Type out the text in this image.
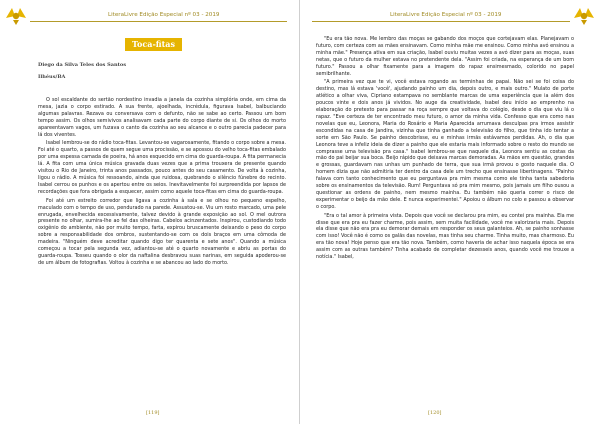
LiteraLivre Edição Especial nº 03 - 2019
Toca-fitas
Diego da Silva Teles dos Santos
Ilhéus/BA

O sol escaldante do sertão nordestino invadia a janela da cozinha simplória onde, em cima da mesa, jazia o corpo estirado. A sua frente, ajoelhada, incrédula, figurava Isabel, balbuciando algumas palavras. Rezava ou conversava com o defunto, não se sabe ao certo. Passou um bom tempo assim. Os olhos semivivos analisavam cada parte do corpo diante de si. Os olhos do morto apareentavam vagos, um fuzava o canto da cozinha ao seu alcance e o outro parecia padecer para lá dos viventes.

Isabel lembrou-se do rádio toca-fitas. Levantou-se vagarosamente, fitando o corpo sobre a mesa. Foi até o quarto, a passos de quem segue uma procissão, e se apossou do velho toca-fitas embalado por uma espessa camada de poeira, há anos esquecido em cima do guarda-roupa. A fita permanecia lá. A fita com uma única música gravada duas vezes que a prima trouxera de presente quando visitou o Rio de Janeiro, trinta anos passados, pouco antes do seu casamento. De volta à cozinha, ligou o rádio. A música foi ressoando, ainda que ruidosa, quebrando o silêncio fúnebre do recinto. Isabel cerrou os punhos e os apertou entre os seios. Inevitavelmente foi surpreendida por lapsos de recordações que fora obrigada a esquecer, assim como aquele toca-fitas em cima do guarda-roupa.

Foi até um estreito corredor que ligava a cozinha à sala e se olhou no pequeno espelho, maculado com o tempo de uso, pendurado na parede. Assustou-se. Viu um rosto marcado, uma pele enrugada, envelhecida excessivamente, talvez devido à grande exposição ao sol. O mel outrora presente no olhar, sumira-lhe ao fel das olheiras. Cabelos acinzentados. Inspirou, custodiando todo oxigênio do ambiente, não por muito tempo, farta, expirou bruscamente deixando o peso do corpo sobre a responsabilidade dos ombros, sustentando-se com os dois braços em uma cômoda de madeira. "Ninguém deve acreditar quando digo ter quarenta e sete anos". Quando a música começou a tocar pela segunda vez, adiantou-se até o quarto novamente e abriu as portas do guarda-roupa. Tosseu quando o olor da naftalina desbravou suas narinas, em seguida apoderou-se de um álbum de fotografias. Voltou à cozinha e se abancou ao lado do morto.

[119]
LiteraLivre Edição Especial nº 03 - 2019

"Eu era tão nova. Me lembro das moças se gabando dos moços que cortejavam elas. Planejavam o futuro, com certeza com as mães ensinavam. Como minha mãe me ensinou. Como minha avó ensinou a minha mãe." Presença ativa em sua criação, Isabel ouviu muitas vezes a avó dizer para as moças, suas netas, que o futuro da mulher estava no pretendente dela. "Assim foi criada, na esperança de um bom futuro." Passou a olhar fixamente para a imagem do rapaz ensimesmado, colorido no papel semibrilhante.

"A primeira vez que te vi, você estava rogando as terminhas de papai. Não sei se foi coisa do destino, mas lá estava 'você', ajudando painho um dia, depois outro, e mais outro." Mulato de porte atlético a olhar viva, Cipriano estampava no semblante marcas de uma experiência que ia além dos poucos vinte e dois anos já vividos. No auge da creatividade, Isabel deu início ao emprenho na elaboração do pretexto para passar na roça sempre que voltava do colégio, desde o dia que viu lá o rapaz. "Eve certeza de ter encontrado meu futuro, o amor da minha vida. Confesso que era como nas novelas que eu, Leonora, Maria do Rosário e Maria Aparecida arrumava desculpas pra irmos assistir escondidas na casa de Jandira, vizinha que tinha ganhado a televisão do filho, que tinha ido tentar a sorte em São Paulo. Se painho descobrisse, eu e minhas irmãs estávamos perdidas. Ah, o dia que Leonora teve a infeliz ideia de dizer a painho que ele estaria mais informado sobre o resto do mundo se comprasse uma televisão pra casa." Isabel lembrou-se que naquele dia, Leonora sentiu as costas da mão do pai beijar sua boca. Beijo rápido que deixava marcas demoradas. As mãos em questão, grandes e grossas, guardavam nas unhas um punhado de terra, que sua irmã provou o gosto naquele dia. O homem dizia que não admitiria ter dentro da casa dele um trecho que ensinasse libertinagens. "Painho falava com tanto conhecimento que eu perguntava pra mim mesma como ele tinha tanta sabedoria sobre os ensinamentos da televisão. Rum! Perguntava só pra mim mesmo, pois jamais um filho ousou a questionar as ordens de painho, nem mesmo mainha. Eu também não queria correr o risco de experimentar o beijo da mão dele. E nunca experimentei." Apoiou o álbum no colo e passou a observar o corpo.

"Era o tal amor à primeira vista. Depois que você se declarou pra mim, eu contei pra mainha. Ela me disse que era pra eu fazer charme, pois assim, sem muita facilidade, você me valorizaria mais. Depois ela disse que não era pra eu demorar demais em responder os seus galanteios. Ah, se painho sonhasse com isso! Você não é como os galãs das novelas, mas tinha seu charme. Tinha muito, mas charmoso. Eu era tão nova! Hoje penso que era tão nova. Também, como haveria de achar isso naquela época se era assim com as outras também? Tinha acabado de completar dezesseis anos, quando você me trouxe a notícia." Isabel,

[120]
